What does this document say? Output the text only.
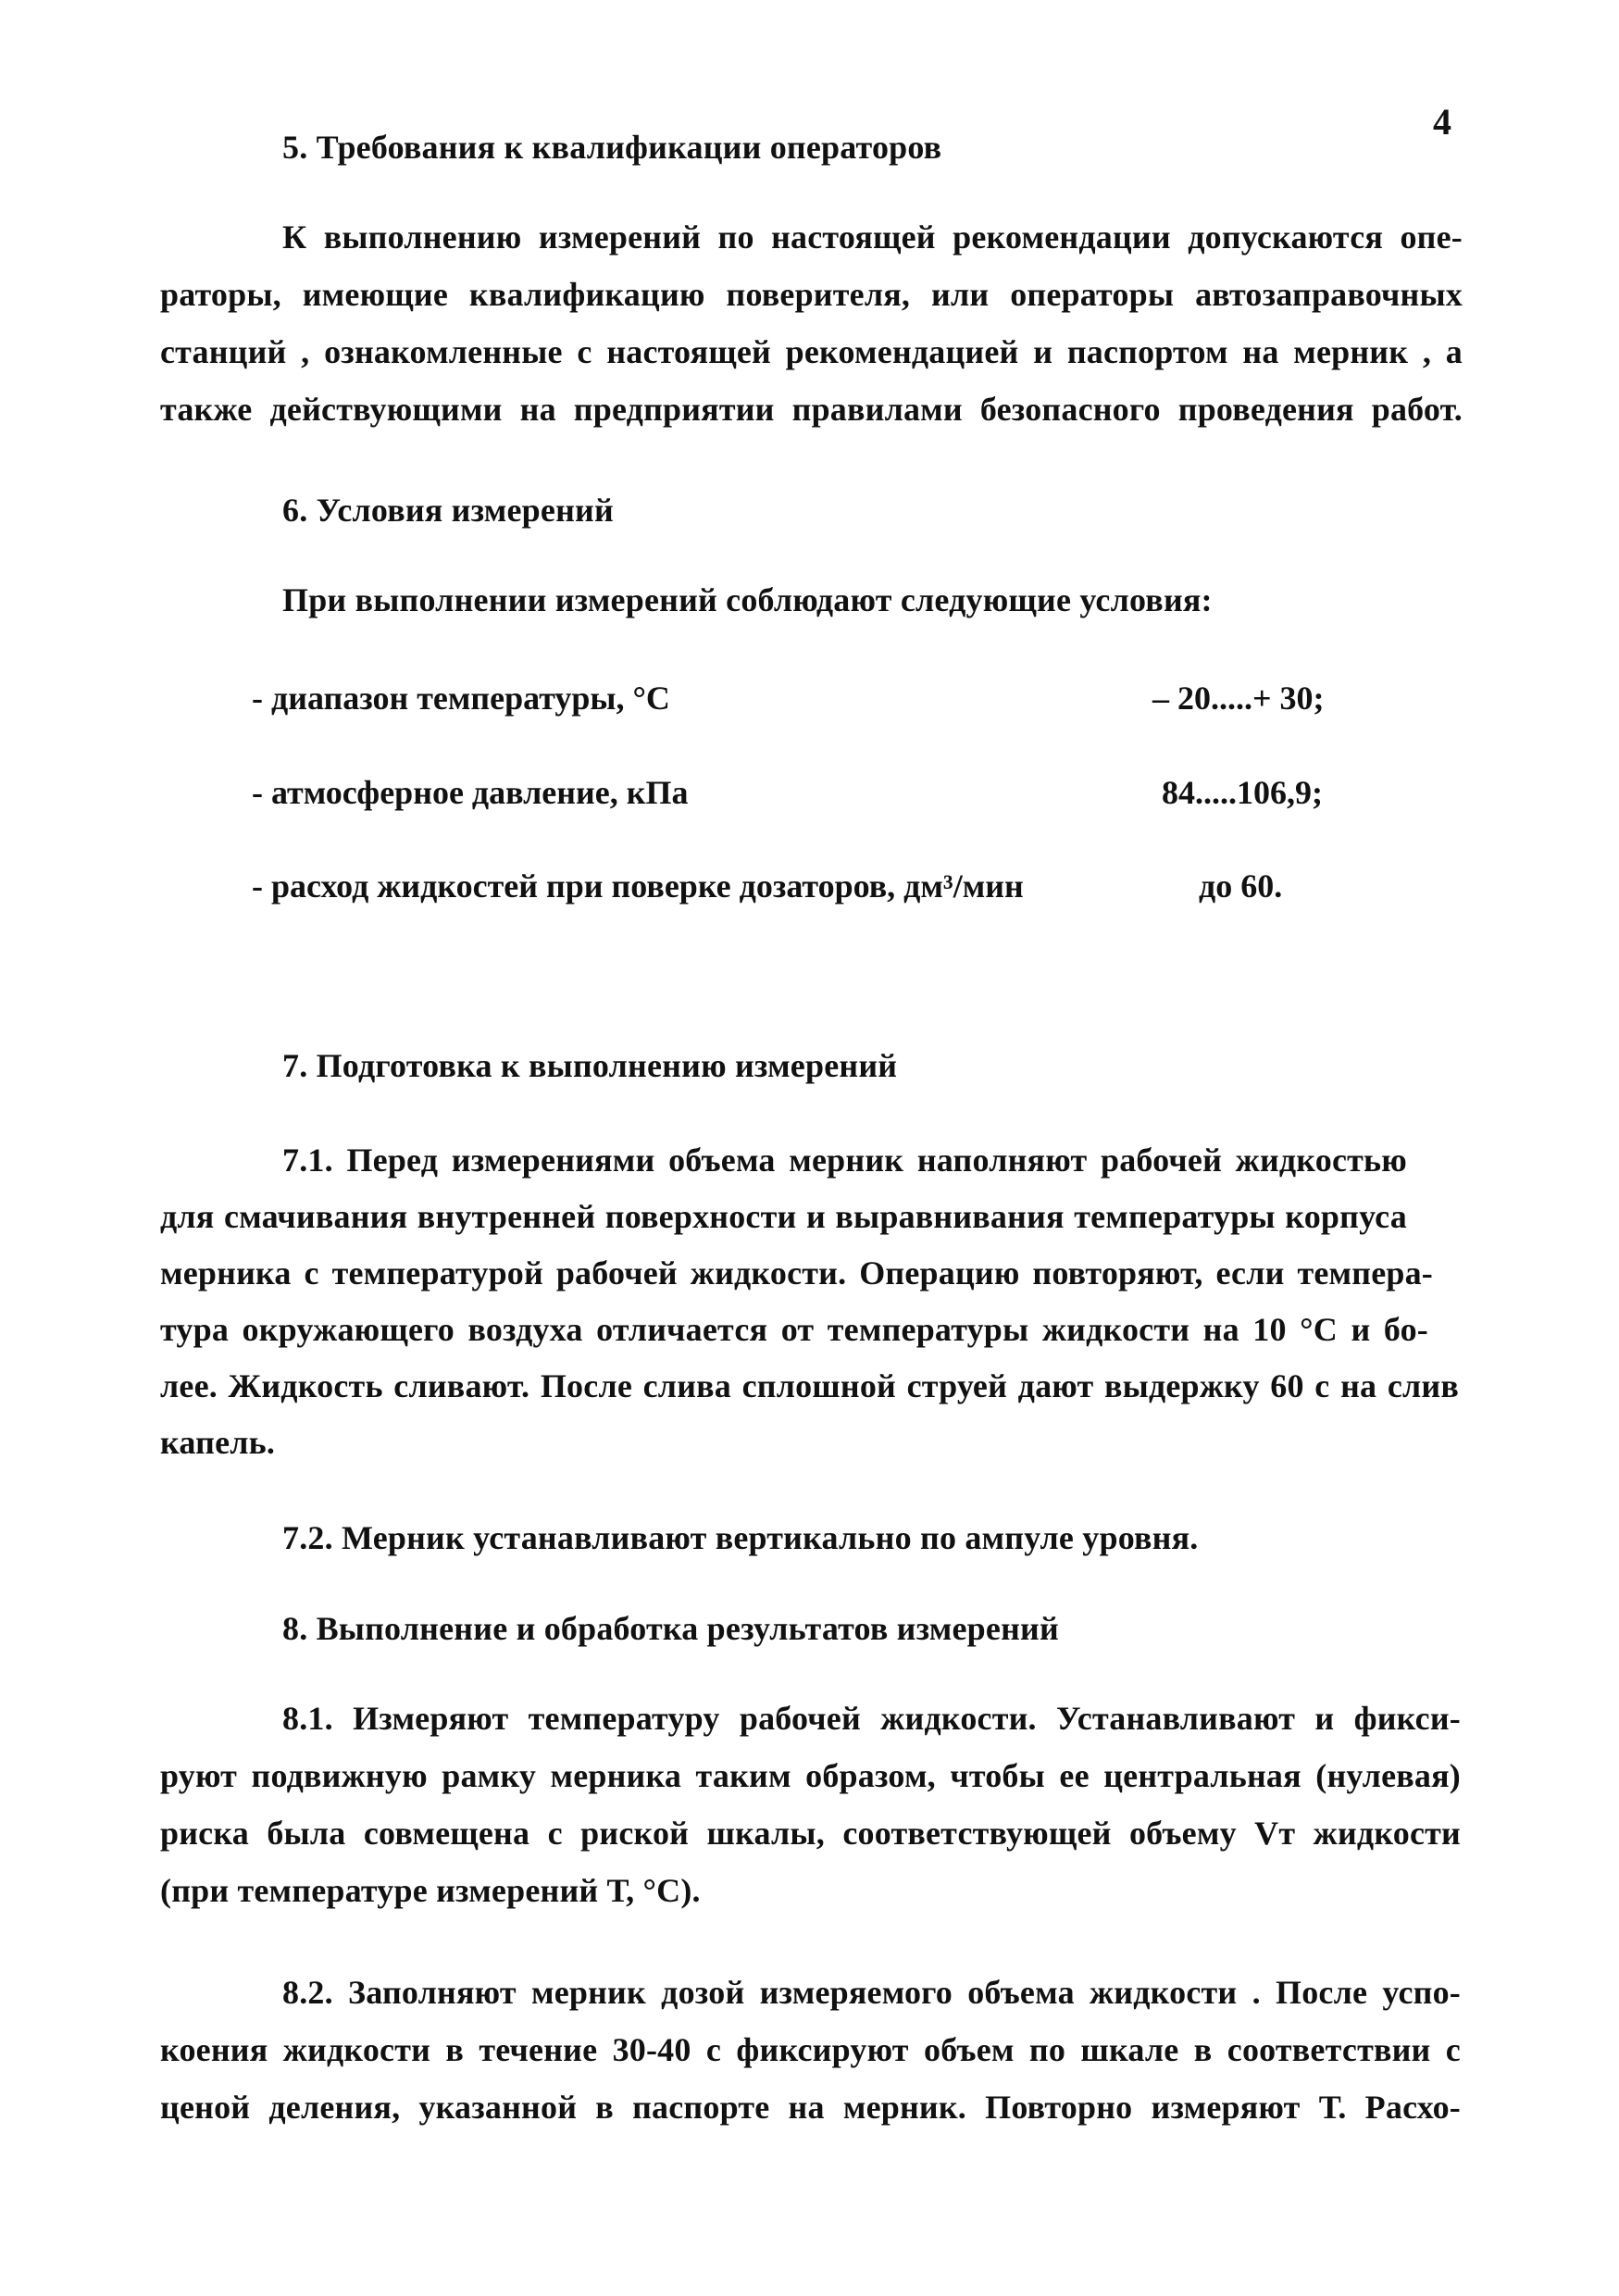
4
5. Требования к квалификации операторов
К выполнению измерений по настоящей рекомендации допускаются опе-
раторы, имеющие квалификацию поверителя, или операторы автозаправочных
станций , ознакомленные с настоящей рекомендацией и паспортом на мерник , а
также действующими на предприятии правилами безопасного проведения работ.
6. Условия измерений
При выполнении измерений соблюдают следующие условия:
- диапазон температуры, °С	– 20.....+ 30;
- атмосферное давление, кПа	84.....106,9;
- расход жидкостей при поверке дозаторов, дм³/мин	до 60.
7. Подготовка к выполнению измерений
7.1. Перед измерениями объема мерник наполняют рабочей жидкостью
для смачивания внутренней поверхности и выравнивания температуры корпуса
мерника с температурой рабочей жидкости. Операцию повторяют, если темпера-
тура окружающего воздуха отличается от температуры жидкости на 10 °С и бо-
лее. Жидкость сливают. После слива сплошной струей дают выдержку 60 с на слив
капель.
7.2. Мерник устанавливают вертикально по ампуле уровня.
8. Выполнение и обработка результатов измерений
8.1. Измеряют температуру рабочей жидкости. Устанавливают и фикси-
руют подвижную рамку мерника таким образом, чтобы ее центральная (нулевая)
риска была совмещена с риской шкалы, соответствующей объему Vт жидкости
(при температуре измерений Т, °С).
8.2. Заполняют мерник дозой измеряемого объема жидкости . После успо-
коения жидкости в течение 30-40 с фиксируют объем по шкале в соответствии с
ценой деления, указанной в паспорте на мерник. Повторно измеряют Т. Расхо-
